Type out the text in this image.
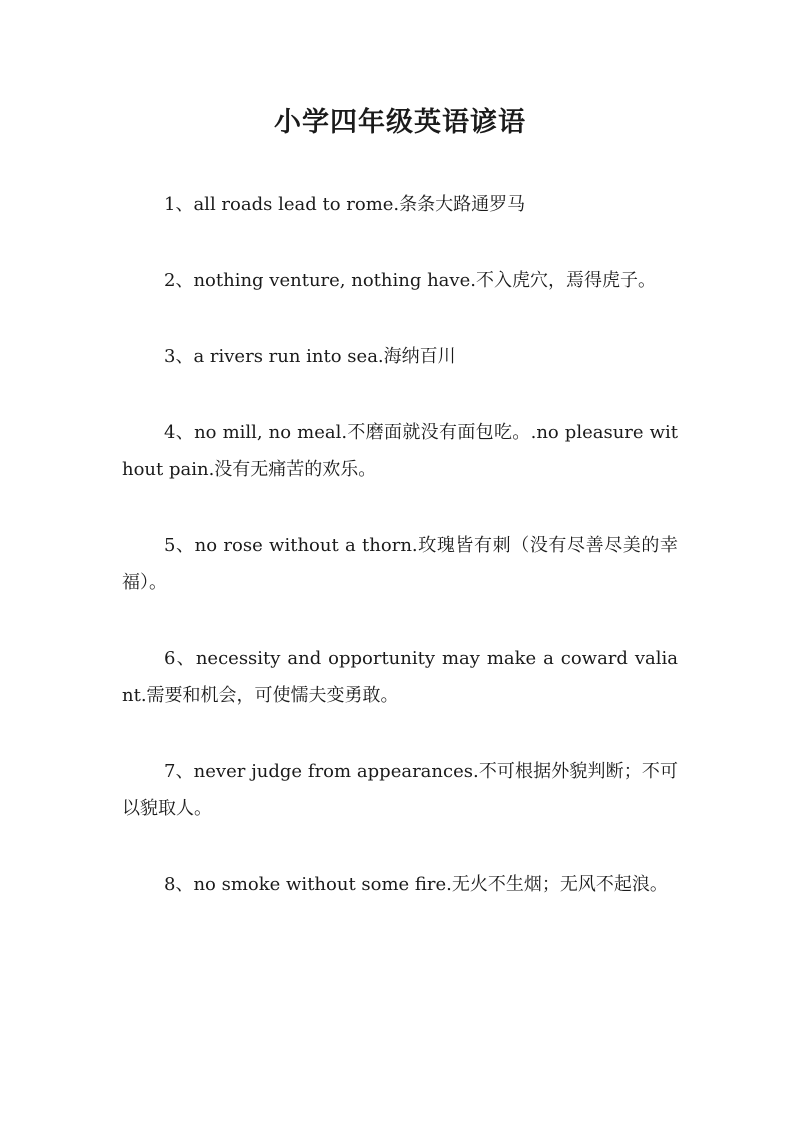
小学四年级英语谚语
1、all roads lead to rome.条条大路通罗马
2、nothing venture, nothing have.不入虎穴，焉得虎子。
3、a rivers run into sea.海纳百川
4、no mill, no meal.不磨面就没有面包吃。.no pleasure without pain.没有无痛苦的欢乐。
5、no rose without a thorn.玫瑰皆有刺（没有尽善尽美的幸福）。
6、necessity and opportunity may make a coward valiant.需要和机会，可使懦夫变勇敢。
7、never judge from appearances.不可根据外貌判断；不可以貌取人。
8、no smoke without some fire.无火不生烟；无风不起浪。
